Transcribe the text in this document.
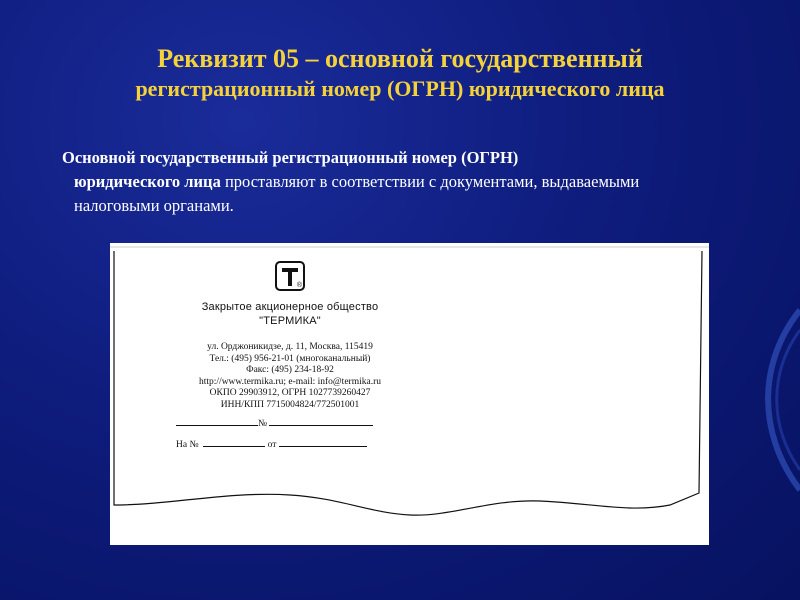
Реквизит 05 – основной государственный
регистрационный номер (ОГРН) юридического лица
Основной государственный регистрационный номер (ОГРН)
юридического лица проставляют в соответствии с документами, выдаваемыми
налоговыми органами.
®
Закрытое акционерное общество
"ТЕРМИКА"
ул. Орджоникидзе, д. 11, Москва, 115419
Тел.: (495) 956-21-01 (многоканальный)
Факс: (495) 234-18-92
http://www.termika.ru; e-mail: info@termika.ru
ОКПО 29903912, ОГРН 1027739260427
ИНН/КПП 7715004824/772501001
№
На №	от
